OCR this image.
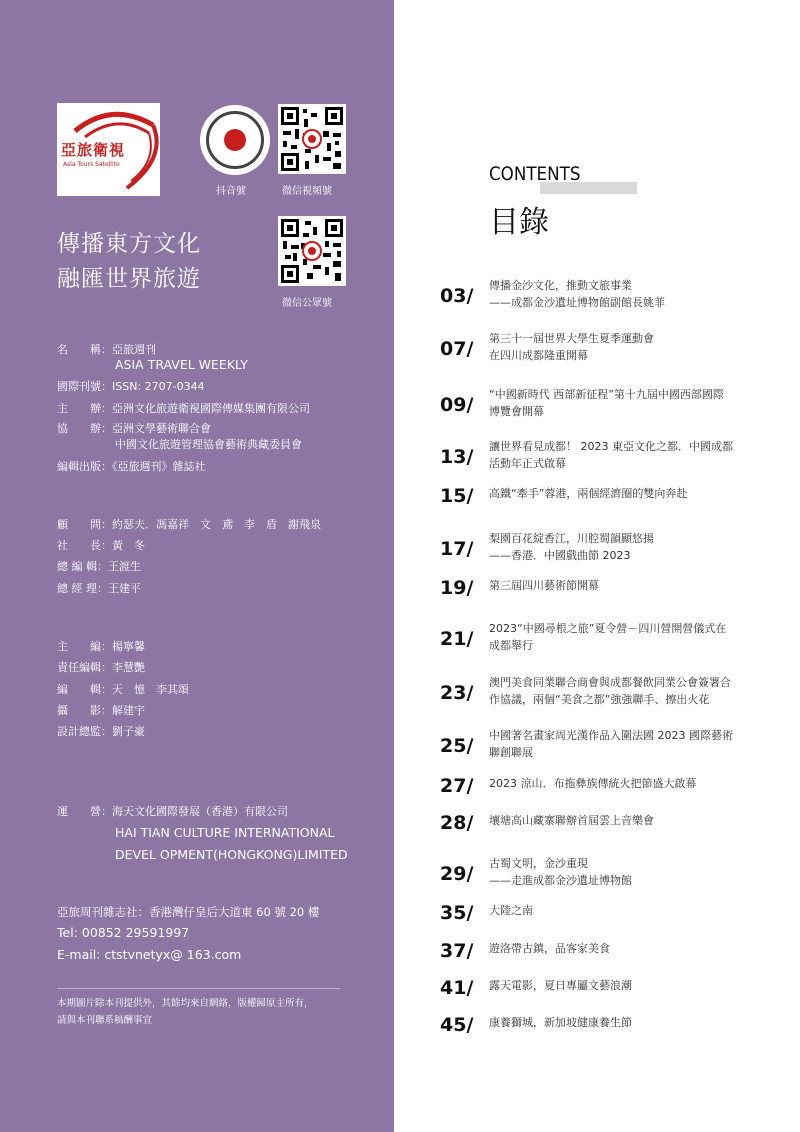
亞旅衛視
Asia Tours Satellite
抖音號	微信視頻號
傳播東方文化
融匯世界旅遊
微信公眾號
名　　稱：亞旅週刊
ASIA TRAVEL WEEKLY
國際刊號：ISSN: 2707-0344
主　　辦：亞洲文化旅遊衛視國際傳媒集團有限公司
協　　辦：亞洲文學藝術聯合會
中國文化旅遊管理協會藝術典藏委員會
編輯出版：《亞旅週刊》雜誌社
顧　　問：約瑟夫．馮嘉祥　文　鳶　李　盾　謝飛泉
社　　長：黃　冬
總 編 輯：王渡生
總 經 理：王建平
主　　編：楊寧馨
責任編輯：李慧艷
編　　輯：天　憶　李其頌
攝　　影：解建宇
設計總監：劉子豪
運　　營：海天文化國際發展（香港）有限公司
HAI TIAN CULTURE INTERNATIONAL
DEVEL OPMENT(HONGKONG)LIMITED
亞旅周刊雜志社：香港灣仔皇后大道東 60 號 20 樓
Tel: 00852 29591997
E-mail: ctstvnetyx@ 163.com
本期圖片除本刊提供外，其餘均來自網絡，版權歸原主所有，
請與本刊聯系稿酬事宜
CONTENTS
目錄
03/ 傳播金沙文化，推動文旅事業
——成都金沙遺址博物館副館長姚菲
07/ 第三十一屆世界大學生夏季運動會
在四川成都隆重開幕
09/ “中國新時代 西部新征程”第十九屆中國西部國際
博覽會開幕
13/ 讓世界看見成都！ 2023 東亞文化之都．中國成都
活動年正式啟幕
15/ 高鐵“牽手”蓉港，兩個經濟圈的雙向奔赴
17/ 梨園百花綻香江，川腔蜀韻顯悠揚
——香港．中國戲曲節 2023
19/ 第三屆四川藝術節開幕
21/ 2023“中國尋根之旅”夏令營－四川營開營儀式在
成都舉行
23/ 澳門美食同業聯合商會與成都餐飲同業公會簽署合
作協議，兩個“美食之都”強強聯手、擦出火花
25/ 中國著名畫家周光漢作品入圍法國 2023 國際藝術
聯創聯展
27/ 2023 涼山．布拖彝族傳統火把節盛大啟幕
28/ 壤塘高山藏寨聯辦首屆雲上音樂會
29/ 古蜀文明，金沙重現
——走進成都金沙遺址博物館
35/ 大陸之南
37/ 遊洛帶古鎮，品客家美食
41/ 露天電影，夏日專屬文藝浪潮
45/ 康養獅城，新加坡健康養生節
